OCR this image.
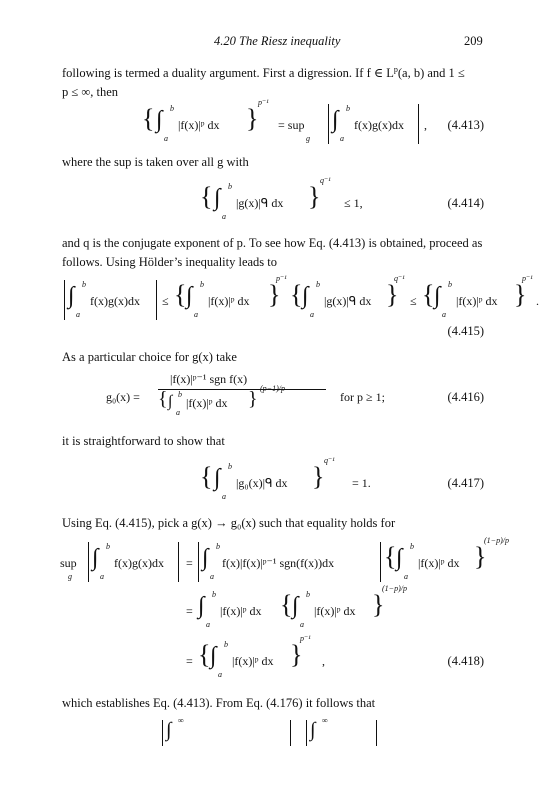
4.20 The Riesz inequality	209
following is termed a duality argument. First a digression. If f ∈ $L^p(a$, b) and 1 ≤
p ≤ ∞, then
{ ∫ b
a
|f(x)|ᵖ dx }
p⁻¹
= sup
g
∫ b
a
f(x)g(x)dx , (4.413)
where the sup is taken over all g with
{ ∫ b
a
|g(x)|ᑫ dx }
q⁻¹
≤ 1,	(4.414)
and q is the conjugate exponent of p. To see how Eq. (4.413) is obtained, proceed as
follows. Using Hölder’s inequality leads to
∫ b
a
f(x)g(x)dx ≤ { ∫ b
a
|f(x)|ᵖ dx }
p⁻¹
{ ∫ b
a
|g(x)|ᑫ dx }
q⁻¹
≤ { ∫ b
a
|f(x)|ᵖ dx }
p⁻¹
.
(4.415)
As a particular choice for g(x) take
g₀(x) =
|f(x)|ᵖ⁻¹ sgn f(x)
{ ∫ b
a
|f(x)|ᵖ dx } (p−1)/p
for p ≥ 1;	(4.416)
it is straightforward to show that
{ ∫ b
a
|g₀(x)|ᑫ dx }
q⁻¹
= 1.	(4.417)
Using Eq. (4.415), pick a g(x) → g₀(x) such that equality holds for
sup
g
∫ b
a
f(x)g(x)dx = ∫ b
a
f(x)|f(x)|ᵖ⁻¹ sgn(f(x))dx { ∫ b
a
|f(x)|ᵖ dx }
(1−p)/p
= ∫ b
a
|f(x)|ᵖ dx { ∫ b
a
|f(x)|ᵖ dx }
(1−p)/p
= { ∫ b
a
|f(x)|ᵖ dx }
p⁻¹
,	(4.418)
which establishes Eq. (4.413). From Eq. (4.176) it follows that
∫ ∞	∫ ∞
